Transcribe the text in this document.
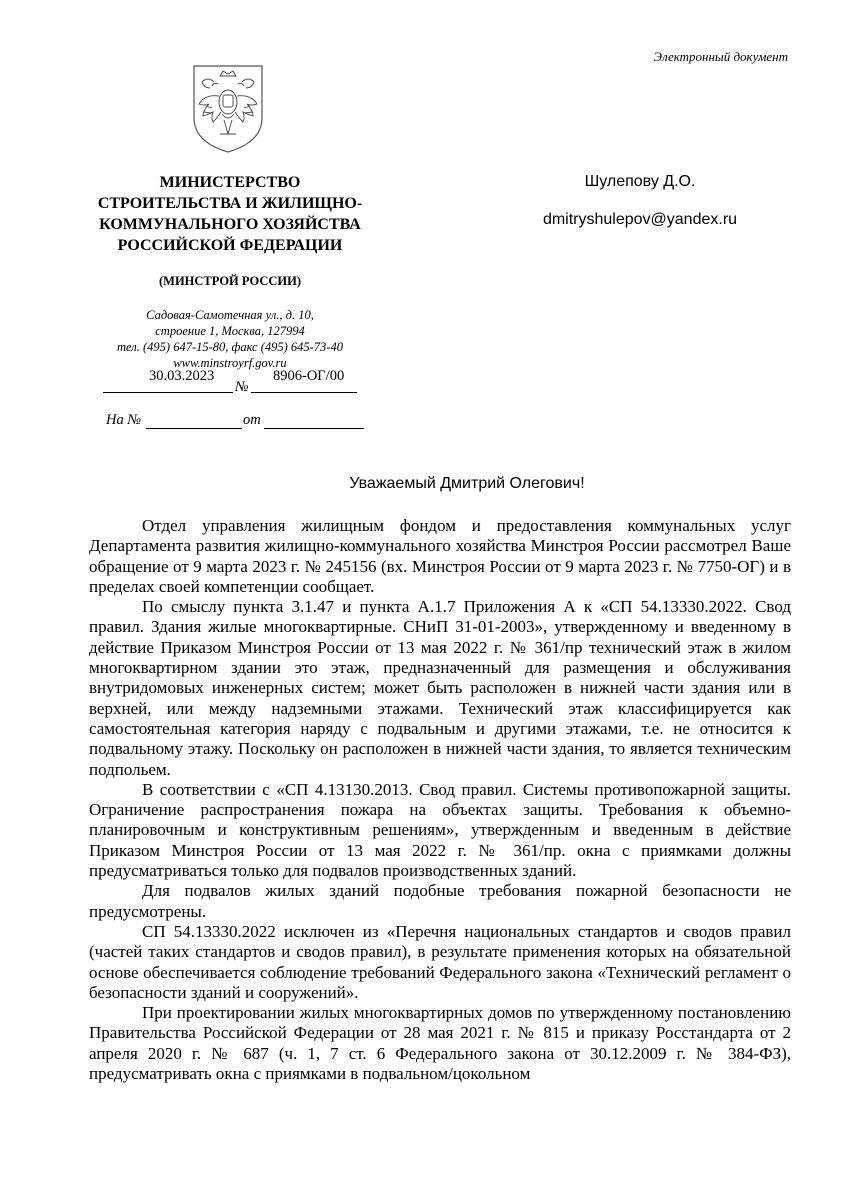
Электронный документ
МИНИСТЕРСТВО
СТРОИТЕЛЬСТВА И ЖИЛИЩНО-
КОММУНАЛЬНОГО ХОЗЯЙСТВА
РОССИЙСКОЙ ФЕДЕРАЦИИ
(МИНСТРОЙ РОССИИ)
Садовая-Самотечная ул., д. 10,
строение 1, Москва, 127994
тел. (495) 647-15-80, факс (495) 645-73-40
www.minstroyrf.gov.ru
30.03.2023	8906-ОГ/00
№
На №	от
Шулепову Д.О.
dmitryshulepov@yandex.ru
Уважаемый Дмитрий Олегович!

Отдел управления жилищным фондом и предоставления коммунальных услуг Департамента развития жилищно-коммунального хозяйства Минстроя России рассмотрел Ваше обращение от 9 марта 2023 г. № 245156 (вх. Минстроя России от 9 марта 2023 г. № 7750-ОГ) и в пределах своей компетенции сообщает.

По смыслу пункта 3.1.47 и пункта А.1.7 Приложения А к «СП 54.13330.2022. Свод правил. Здания жилые многоквартирные. СНиП 31-01-2003», утвержденному и введенному в действие Приказом Минстроя России от 13 мая 2022 г. № 361/пр технический этаж в жилом многоквартирном здании это этаж, предназначенный для размещения и обслуживания внутридомовых инженерных систем; может быть расположен в нижней части здания или в верхней, или между надземными этажами. Технический этаж классифицируется как самостоятельная категория наряду с подвальным и другими этажами, т.е. не относится к подвальному этажу. Поскольку он расположен в нижней части здания, то является техническим подпольем.

В соответствии с «СП 4.13130.2013. Свод правил. Системы противопожарной защиты. Ограничение распространения пожара на объектах защиты. Требования к объемно-планировочным и конструктивным решениям», утвержденным и введенным в действие Приказом Минстроя России от 13 мая 2022 г. № 361/пр. окна с приямками должны предусматриваться только для подвалов производственных зданий.

Для подвалов жилых зданий подобные требования пожарной безопасности не предусмотрены.

СП 54.13330.2022 исключен из «Перечня национальных стандартов и сводов правил (частей таких стандартов и сводов правил), в результате применения которых на обязательной основе обеспечивается соблюдение требований Федерального закона «Технический регламент о безопасности зданий и сооружений».

При проектировании жилых многоквартирных домов по утвержденному постановлению Правительства Российской Федерации от 28 мая 2021 г. № 815 и приказу Росстандарта от 2 апреля 2020 г. № 687 (ч. 1, 7 ст. 6 Федерального закона от 30.12.2009 г. № 384-ФЗ), предусматривать окна с приямками в подвальном/цокольном
